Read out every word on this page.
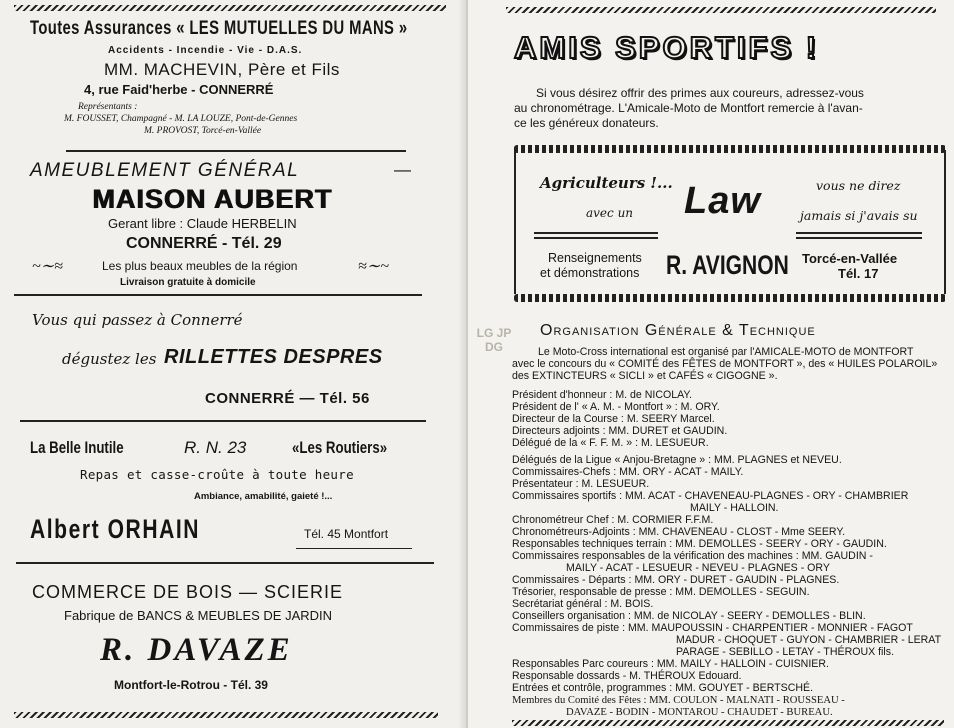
Toutes Assurances « LES MUTUELLES DU MANS »
Accidents - Incendie - Vie - D.A.S.
MM. MACHEVIN, Père et Fils
4, rue Faid'herbe - CONNERRÉ
Représentants :
M. FOUSSET, Champagné - M. LA LOUZE, Pont-de-Gennes
M. PROVOST, Torcé-en-Vallée
AMEUBLEMENT GÉNÉRAL	—
MAISON AUBERT
Gerant libre : Claude HERBELIN
CONNERRÉ - Tél. 29
~∼≈	Les plus beaux meubles de la région	≈∼~
Livraison gratuite à domicile
Vous qui passez à Connerré
dégustez les RILLETTES DESPRES
CONNERRÉ — Tél. 56
La Belle Inutile	R. N. 23	«Les Routiers»
Repas et casse-croûte à toute heure
Ambiance, amabilité, gaieté !...
Albert ORHAIN	Tél. 45 Montfort
COMMERCE DE BOIS — SCIERIE
Fabrique de BANCS & MEUBLES DE JARDIN
R. DAVAZE
Montfort-le-Rotrou - Tél. 39
AMIS SPORTIFS !
Si vous désirez offrir des primes aux coureurs, adressez-vous
au chronométrage. L'Amicale-Moto de Montfort remercie à l'avan-
ce les généreux donateurs.
Agriculteurs !...
avec un Law	vous ne direz
jamais si j'avais su
Renseignements
et démonstrations R. AVIGNON	Torcé-en-Vallée
Tél. 17
LG JP DG
Organisation Générale & Technique
Le Moto-Cross international est organisé par l'AMICALE-MOTO de MONTFORT
avec le concours du « COMITÉ des FÊTES de MONTFORT », des « HUILES POLAROIL»
des EXTINCTEURS « SICLI » et CAFÉS « CIGOGNE ».
Président d'honneur : M. de NICOLAY.
Président de l' « A. M. - Montfort » : M. ORY.
Directeur de la Course : M. SEERY Marcel.
Directeurs adjoints : MM. DURET et GAUDIN.
Délégué de la « F. F. M. » : M. LESUEUR.
Délégués de la Ligue « Anjou-Bretagne » : MM. PLAGNES et NEVEU.
Commissaires-Chefs : MM. ORY - ACAT - MAILY.
Présentateur : M. LESUEUR.
Commissaires sportifs : MM. ACAT - CHAVENEAU-PLAGNES - ORY - CHAMBRIER
MAILY - HALLOIN.
Chronométreur Chef : M. CORMIER F.F.M.
Chronométreurs-Adjoints : MM. CHAVENEAU - CLOST - Mme SEERY.
Responsables techniques terrain : MM. DEMOLLES - SEERY - ORY - GAUDIN.
Commissaires responsables de la vérification des machines : MM. GAUDIN -
MAILY - ACAT - LESUEUR - NEVEU - PLAGNES - ORY
Commissaires - Départs : MM. ORY - DURET - GAUDIN - PLAGNES.
Trésorier, responsable de presse : MM. DEMOLLES - SEGUIN.
Secrétariat général : M. BOIS.
Conseillers organisation : MM. de NICOLAY - SEERY - DEMOLLES - BLIN.
Commissaires de piste : MM. MAUPOUSSIN - CHARPENTIER - MONNIER - FAGOT
MADUR - CHOQUET - GUYON - CHAMBRIER - LERAT
PARAGE - SEBILLO - LETAY - THÉROUX fils.
Responsables Parc coureurs : MM. MAILY - HALLOIN - CUISNIER.
Responsable dossards - M. THÉROUX Edouard.
Entrées et contrôle, programmes : MM. GOUYET - BERTSCHÉ.
Membres du Comité des Fêtes : MM. COULON - MALNATI - ROUSSEAU -
DAVAZE - BODIN - MONTAROU - CHAUDET - BUREAU.
